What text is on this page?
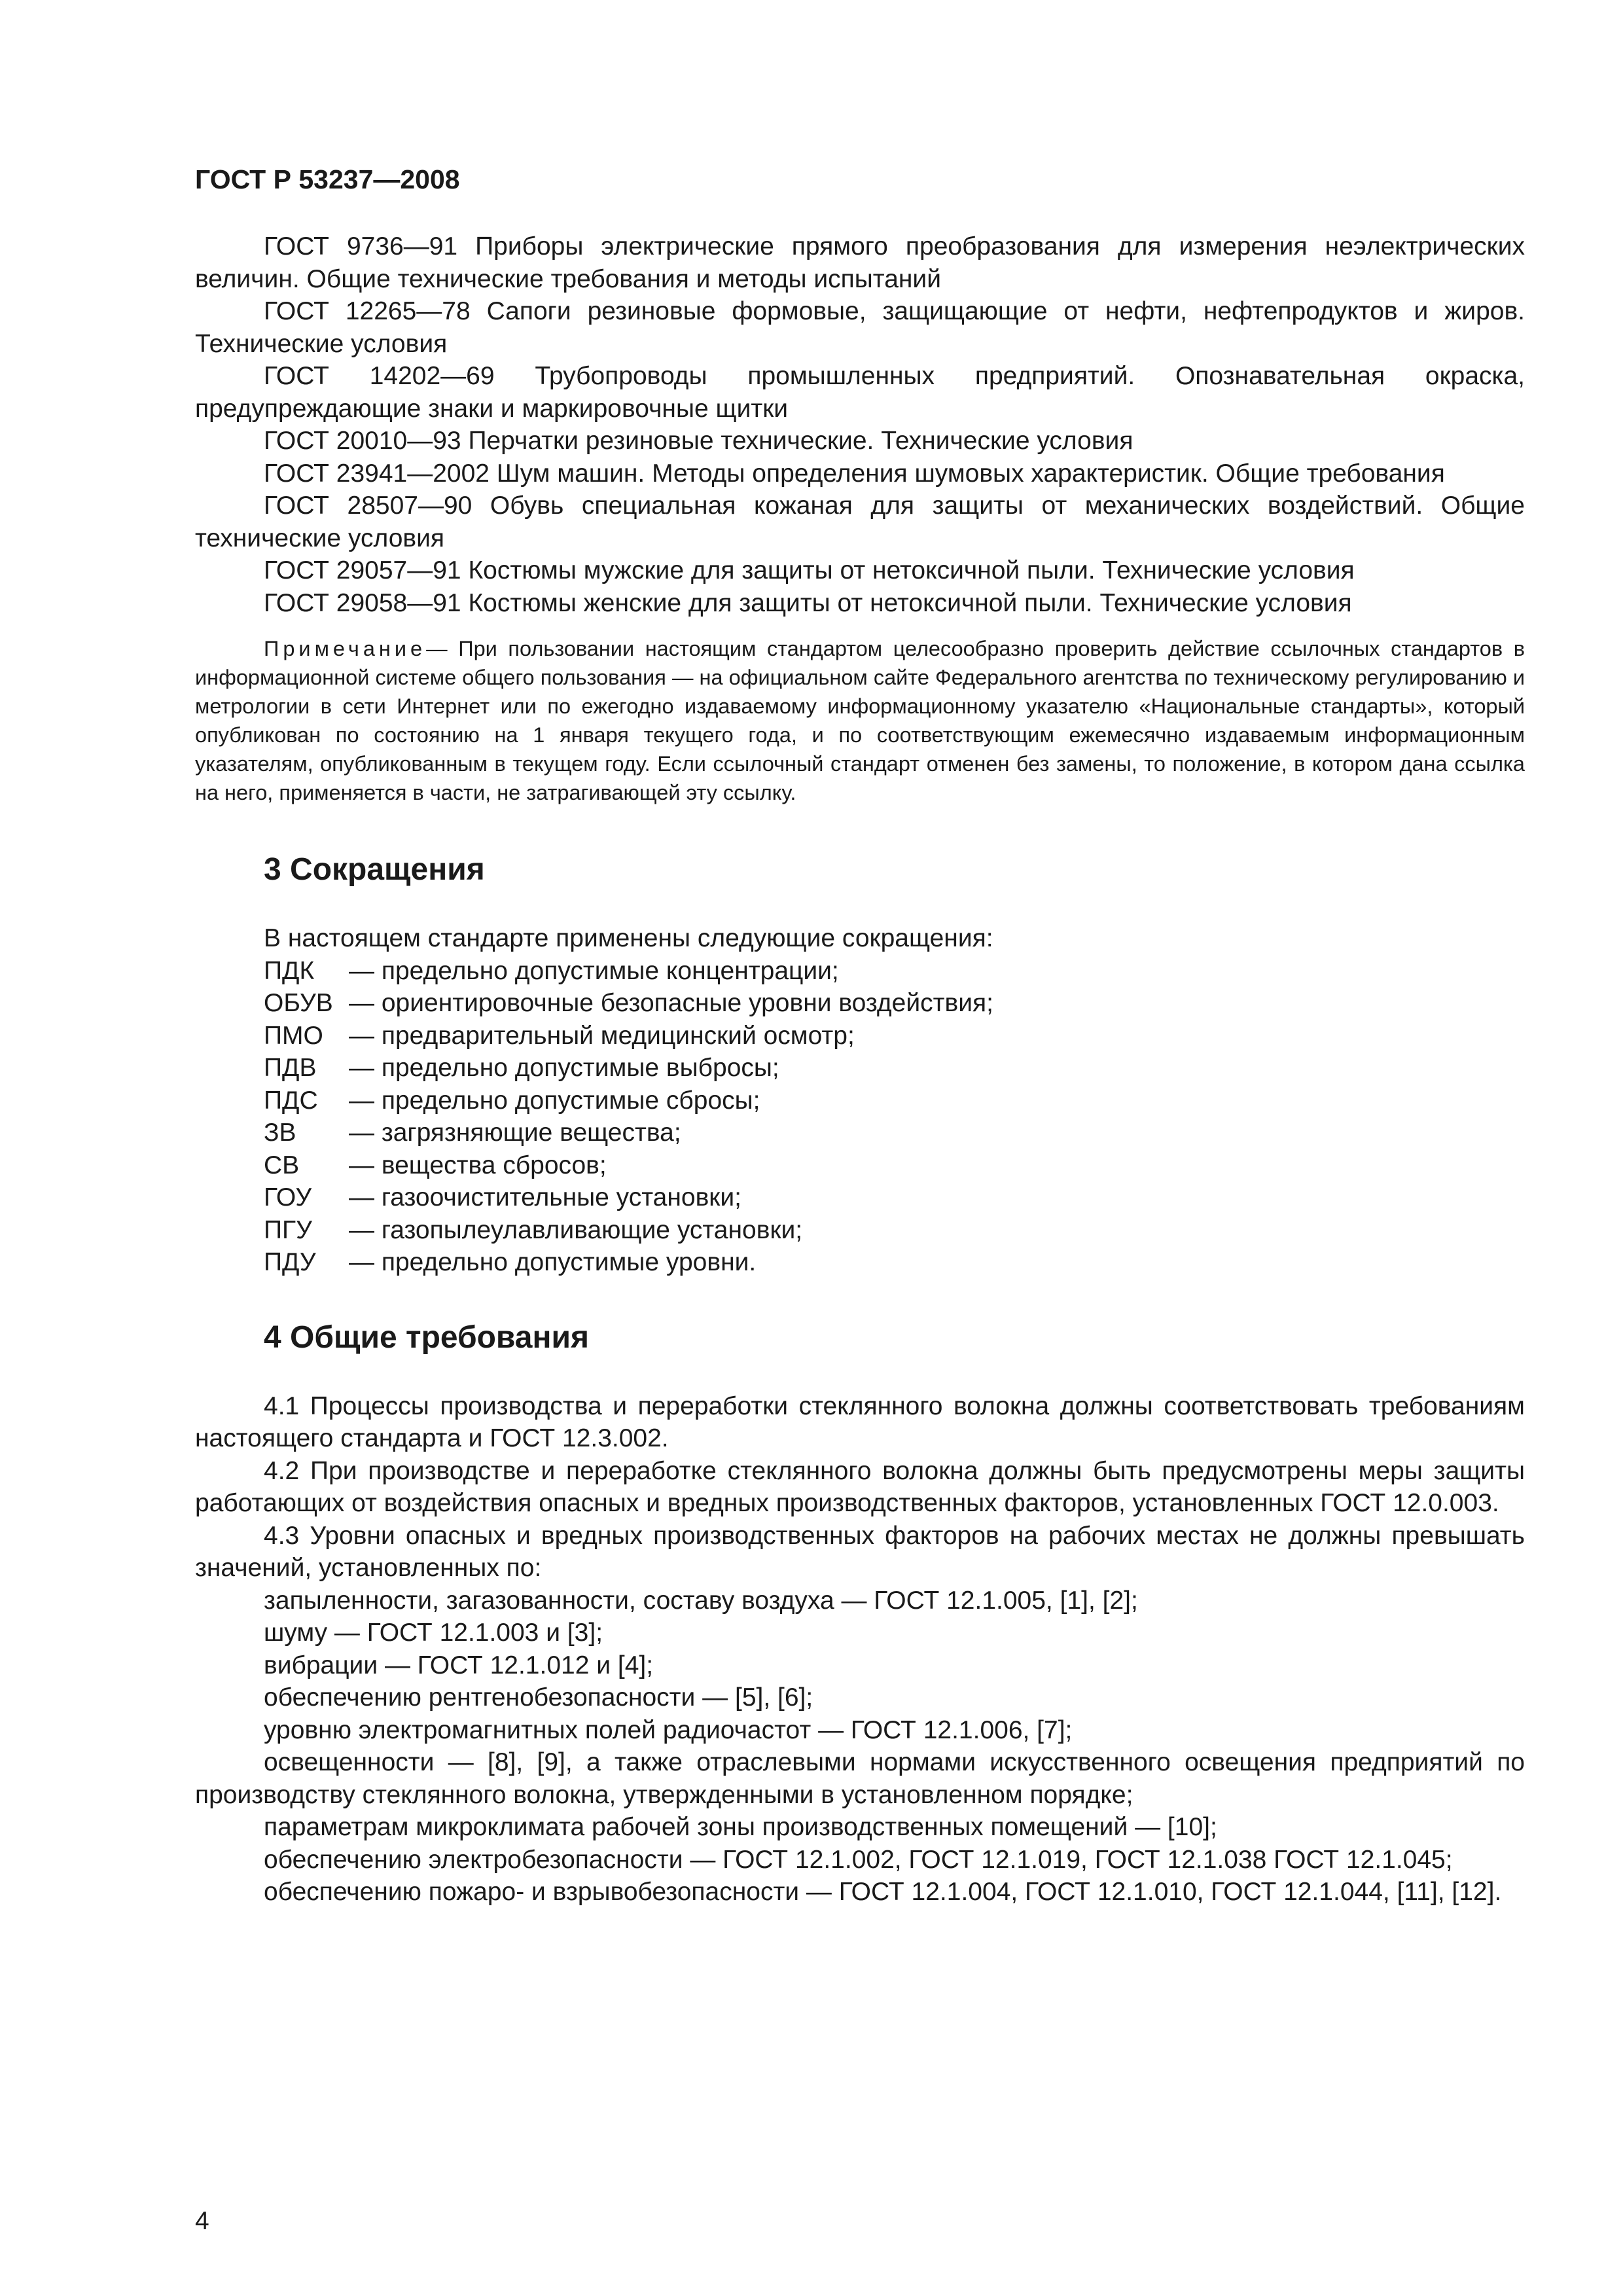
ГОСТ Р 53237—2008

ГОСТ 9736—91 Приборы электрические прямого преобразования для измерения неэлектрических величин. Общие технические требования и методы испытаний

ГОСТ 12265—78 Сапоги резиновые формовые, защищающие от нефти, нефтепродуктов и жиров. Технические условия

ГОСТ 14202—69 Трубопроводы промышленных предприятий. Опознавательная окраска, предупреждающие знаки и маркировочные щитки

ГОСТ 20010—93 Перчатки резиновые технические. Технические условия

ГОСТ 23941—2002 Шум машин. Методы определения шумовых характеристик. Общие требования

ГОСТ 28507—90 Обувь специальная кожаная для защиты от механических воздействий. Общие технические условия

ГОСТ 29057—91 Костюмы мужские для защиты от нетоксичной пыли. Технические условия

ГОСТ 29058—91 Костюмы женские для защиты от нетоксичной пыли. Технические условия

Примечание— При пользовании настоящим стандартом целесообразно проверить действие ссылочных стандартов в информационной системе общего пользования — на официальном сайте Федерального агентства по техническому регулированию и метрологии в сети Интернет или по ежегодно издаваемому информационному указателю «Национальные стандарты», который опубликован по состоянию на 1 января текущего года, и по соответствующим ежемесячно издаваемым информационным указателям, опубликованным в текущем году. Если ссылочный стандарт отменен без замены, то положение, в котором дана ссылка на него, применяется в части, не затрагивающей эту ссылку.

3 Сокращения

В настоящем стандарте применены следующие сокращения:

ПДК	— предельно допустимые концентрации;
ОБУВ — ориентировочные безопасные уровни воздействия;
ПМО	— предварительный медицинский осмотр;
ПДВ	— предельно допустимые выбросы;
ПДС	— предельно допустимые сбросы;
ЗВ	— загрязняющие вещества;
СВ	— вещества сбросов;
ГОУ	— газоочистительные установки;
ПГУ	— газопылеулавливающие установки;
ПДУ	— предельно допустимые уровни.
4 Общие требования

4.1 Процессы производства и переработки стеклянного волокна должны соответствовать требованиям настоящего стандарта и ГОСТ 12.3.002.

4.2 При производстве и переработке стеклянного волокна должны быть предусмотрены меры защиты работающих от воздействия опасных и вредных производственных факторов, установленных ГОСТ 12.0.003.

4.3 Уровни опасных и вредных производственных факторов на рабочих местах не должны превышать значений, установленных по:

запыленности, загазованности, составу воздуха — ГОСТ 12.1.005, [1], [2];

шуму — ГОСТ 12.1.003 и [3];

вибрации — ГОСТ 12.1.012 и [4];

обеспечению рентгенобезопасности — [5], [6];

уровню электромагнитных полей радиочастот — ГОСТ 12.1.006, [7];

освещенности — [8], [9], а также отраслевыми нормами искусственного освещения предприятий по производству стеклянного волокна, утвержденными в установленном порядке;

параметрам микроклимата рабочей зоны производственных помещений — [10];

обеспечению электробезопасности — ГОСТ 12.1.002, ГОСТ 12.1.019, ГОСТ 12.1.038 ГОСТ 12.1.045;

обеспечению пожаро- и взрывобезопасности — ГОСТ 12.1.004, ГОСТ 12.1.010, ГОСТ 12.1.044, [11], [12].

4
